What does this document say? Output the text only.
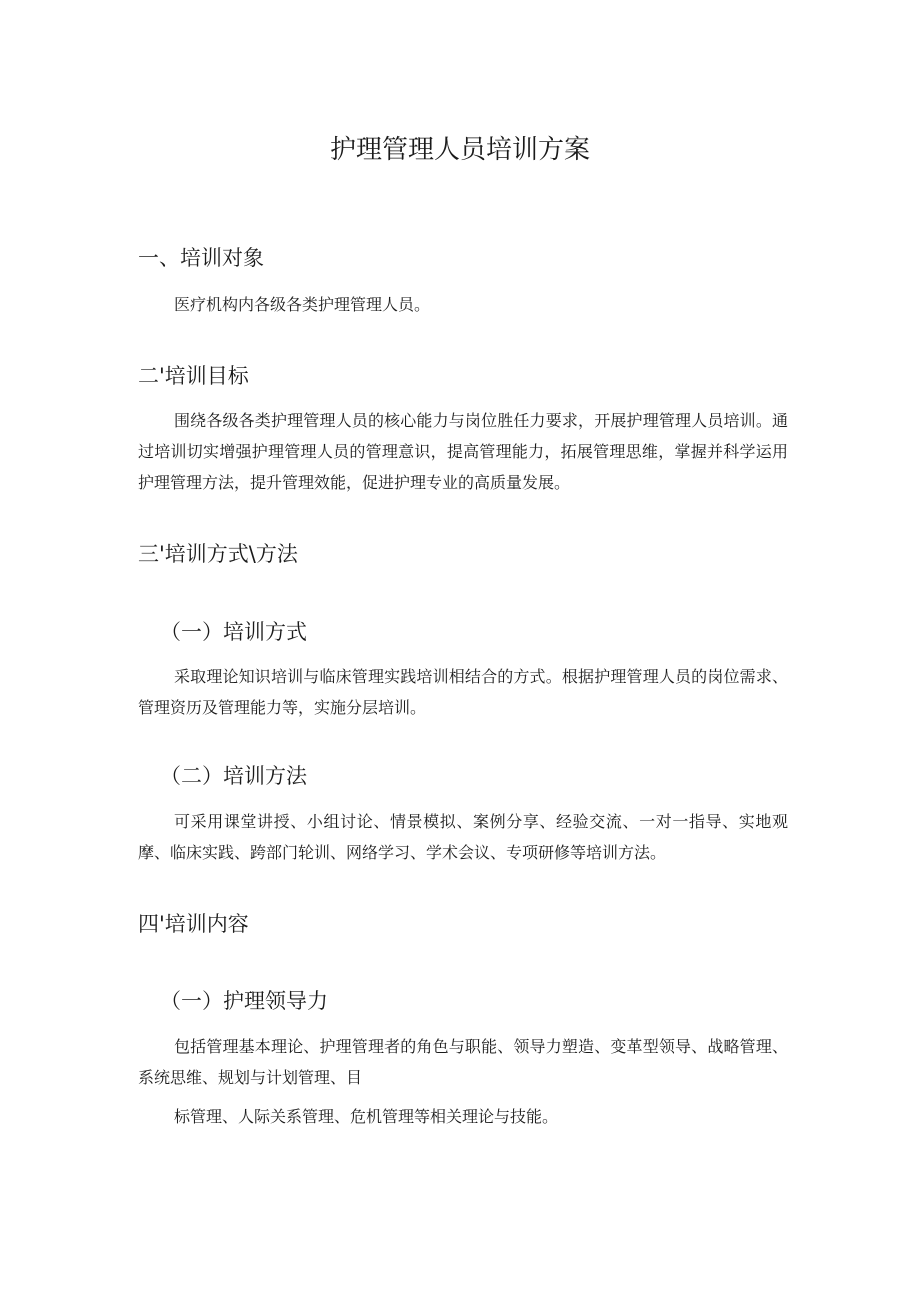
护理管理人员培训方案
一、培训对象

医疗机构内各级各类护理管理人员。

二'培训目标

围绕各级各类护理管理人员的核心能力与岗位胜任力要求，开展护理管理人员培训。通过培训切实增强护理管理人员的管理意识，提高管理能力，拓展管理思维，掌握并科学运用护理管理方法，提升管理效能，促进护理专业的高质量发展。

三'培训方式\方法
（一）培训方式

采取理论知识培训与临床管理实践培训相结合的方式。根据护理管理人员的岗位需求、管理资历及管理能力等，实施分层培训。

（二）培训方法

可采用课堂讲授、小组讨论、情景模拟、案例分享、经验交流、一对一指导、实地观摩、临床实践、跨部门轮训、网络学习、学术会议、专项研修等培训方法。

四'培训内容
（一）护理领导力

包括管理基本理论、护理管理者的角色与职能、领导力塑造、变革型领导、战略管理、系统思维、规划与计划管理、目

标管理、人际关系管理、危机管理等相关理论与技能。
